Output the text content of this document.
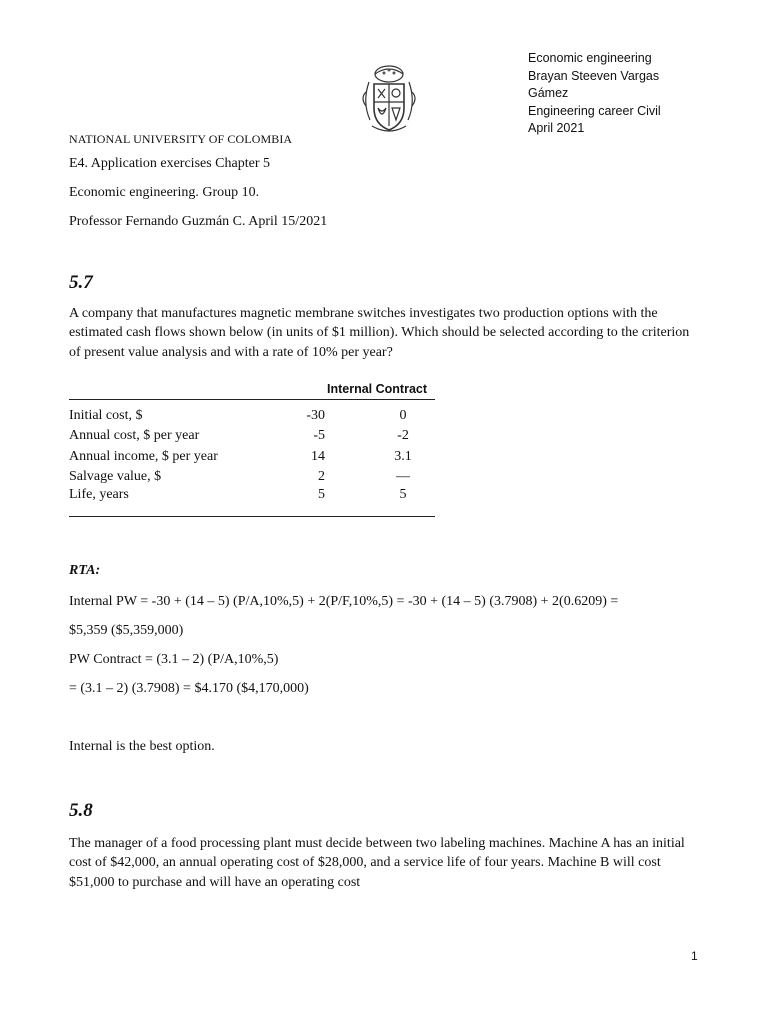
Economic engineering
Brayan Steeven Vargas
Gámez
Engineering career Civil
April 2021
NATIONAL UNIVERSITY OF COLOMBIA
E4. Application exercises Chapter 5
Economic engineering. Group 10.
Professor Fernando Guzmán C. April 15/2021
5.7
A company that manufactures magnetic membrane switches investigates two production options with the estimated cash flows shown below (in units of $1 million). Which should be selected according to the criterion of present value analysis and with a rate of 10% per year?
Internal Contract
Initial cost, $	-30	0
Annual cost, $ per year	-5	-2
Annual income, $ per year	14	3.1
Salvage value, $	2	—
Life, years	5	5
RTA:
Internal PW = -30 + (14 – 5) (P/A,10%,5) + 2(P/F,10%,5) = -30 + (14 – 5) (3.7908) + 2(0.6209) =
$5,359 ($5,359,000)
PW Contract = (3.1 – 2) (P/A,10%,5)
= (3.1 – 2) (3.7908) = $4.170 ($4,170,000)
Internal is the best option.
5.8
The manager of a food processing plant must decide between two labeling machines. Machine A has an initial cost of $42,000, an annual operating cost of $28,000, and a service life of four years. Machine B will cost $51,000 to purchase and will have an operating cost
1
